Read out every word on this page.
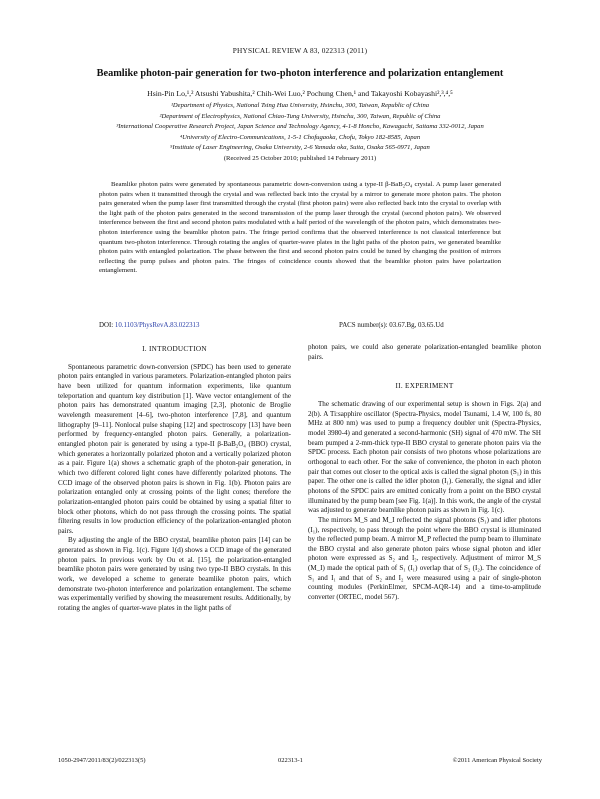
PHYSICAL REVIEW A 83, 022313 (2011)
Beamlike photon-pair generation for two-photon interference and polarization entanglement
Hsin-Pin Lo,¹,² Atsushi Yabushita,² Chih-Wei Luo,² Pochung Chen,¹ and Takayoshi Kobayashi²,³,⁴,⁵
¹Department of Physics, National Tsing Hua University, Hsinchu, 300, Taiwan, Republic of China
²Department of Electrophysics, National Chiao-Tung University, Hsinchu, 300, Taiwan, Republic of China
³International Cooperative Research Project, Japan Science and Technology Agency, 4-1-8 Honcho, Kawaguchi, Saitama 332-0012, Japan
⁴University of Electro-Communications, 1-5-1 Chofugaoka, Chofu, Tokyo 182-8585, Japan
⁵Institute of Laser Engineering, Osaka University, 2-6 Yamada oka, Suita, Osaka 565-0971, Japan
(Received 25 October 2010; published 14 February 2011)
Beamlike photon pairs were generated by spontaneous parametric down-conversion using a type-II β-BaB₂O₄ crystal. A pump laser generated photon pairs when it transmitted through the crystal and was reflected back into the crystal by a mirror to generate more photon pairs. The photon pairs generated when the pump laser first transmitted through the crystal (first photon pairs) were also reflected back into the crystal to overlap with the light path of the photon pairs generated in the second transmission of the pump laser through the crystal (second photon pairs). We observed interference between the first and second photon pairs modulated with a half period of the wavelength of the photon pairs, which demonstrates two-photon interference using the beamlike photon pairs. The fringe period confirms that the observed interference is not classical interference but quantum two-photon interference. Through rotating the angles of quarter-wave plates in the light paths of the photon pairs, we generated beamlike photon pairs with entangled polarization. The phase between the first and second photon pairs could be tuned by changing the position of mirrors reflecting the pump pulses and photon pairs. The fringes of coincidence counts showed that the beamlike photon pairs have polarization entanglement.
DOI: 10.1103/PhysRevA.83.022313	PACS number(s): 03.67.Bg, 03.65.Ud
I. INTRODUCTION

Spontaneous parametric down-conversion (SPDC) has been used to generate photon pairs entangled in various parameters. Polarization-entangled photon pairs have been utilized for quantum information experiments, like quantum teleportation and quantum key distribution [1]. Wave vector entanglement of the photon pairs has demonstrated quantum imaging [2,3], photonic de Broglie wavelength measurement [4–6], two-photon interference [7,8], and quantum lithography [9–11]. Nonlocal pulse shaping [12] and spectroscopy [13] have been performed by frequency-entangled photon pairs. Generally, a polarization-entangled photon pair is generated by using a type-II β-BaB₂O₄ (BBO) crystal, which generates a horizontally polarized photon and a vertically polarized photon as a pair. Figure 1(a) shows a schematic graph of the photon-pair generation, in which two different colored light cones have differently polarized photons. The CCD image of the observed photon pairs is shown in Fig. 1(b). Photon pairs are polarization entangled only at crossing points of the light cones; therefore the polarization-entangled photon pairs could be obtained by using a spatial filter to block other photons, which do not pass through the crossing points. The spatial filtering results in low production efficiency of the polarization-entangled photon pairs.

By adjusting the angle of the BBO crystal, beamlike photon pairs [14] can be generated as shown in Fig. 1(c). Figure 1(d) shows a CCD image of the generated photon pairs. In previous work by Ou et al. [15], the polarization-entangled beamlike photon pairs were generated by using two type-II BBO crystals. In this work, we developed a scheme to generate beamlike photon pairs, which demonstrate two-photon interference and polarization entanglement. The scheme was experimentally verified by showing the measurement results. Additionally, by rotating the angles of quarter-wave plates in the light paths of

photon pairs, we could also generate polarization-entangled beamlike photon pairs.

II. EXPERIMENT

The schematic drawing of our experimental setup is shown in Figs. 2(a) and 2(b). A Ti:sapphire oscillator (Spectra-Physics, model Tsunami, 1.4 W, 100 fs, 80 MHz at 800 nm) was used to pump a frequency doubler unit (Spectra-Physics, model 3980-4) and generated a second-harmonic (SH) signal of 470 mW. The SH beam pumped a 2-mm-thick type-II BBO crystal to generate photon pairs via the SPDC process. Each photon pair consists of two photons whose polarizations are orthogonal to each other. For the sake of convenience, the photon in each photon pair that comes out closer to the optical axis is called the signal photon (S₁) in this paper. The other one is called the idler photon (I₁). Generally, the signal and idler photons of the SPDC pairs are emitted conically from a point on the BBO crystal illuminated by the pump beam [see Fig. 1(a)]. In this work, the angle of the crystal was adjusted to generate beamlike photon pairs as shown in Fig. 1(c).

The mirrors M_S and M_I reflected the signal photons (S₁) and idler photons (I₁), respectively, to pass through the point where the BBO crystal is illuminated by the reflected pump beam. A mirror M_P reflected the pump beam to illuminate the BBO crystal and also generate photon pairs whose signal photon and idler photon were expressed as S₂ and I₂, respectively. Adjustment of mirror M_S (M_I) made the optical path of S₁ (I₁) overlap that of S₂ (I₂). The coincidence of S₁ and I₁ and that of S₂ and I₂ were measured using a pair of single-photon counting modules (PerkinElmer, SPCM-AQR-14) and a time-to-amplitude converter (ORTEC, model 567).

1050-2947/2011/83(2)/022313(5)	022313-1	©2011 American Physical Society
